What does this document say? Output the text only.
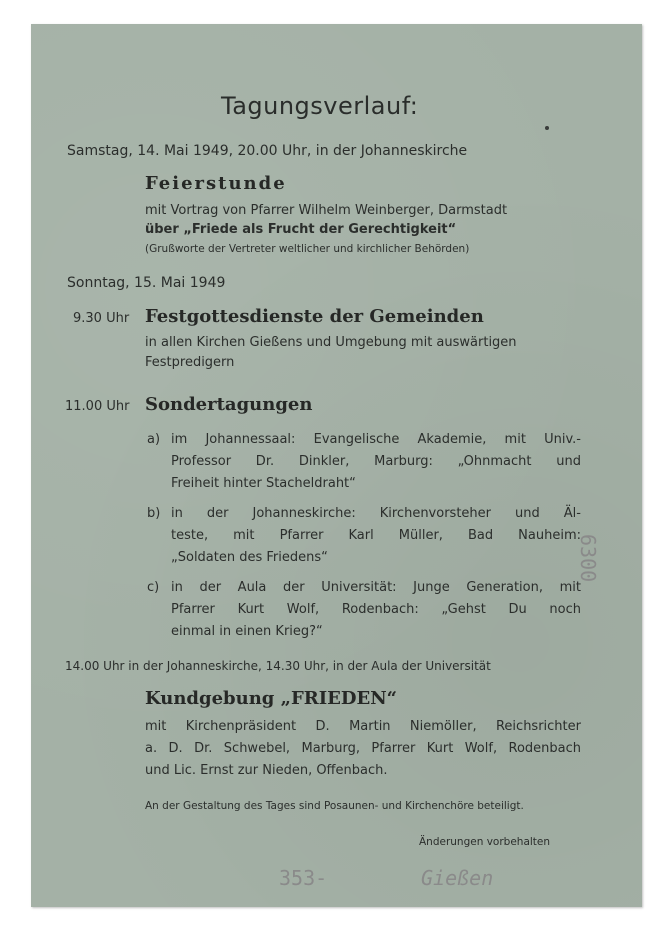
Tagungsverlauf:
Samstag, 14. Mai 1949, 20.00 Uhr, in der Johanneskirche
Feierstunde
mit Vortrag von Pfarrer Wilhelm Weinberger, Darmstadt
über „Friede als Frucht der Gerechtigkeit“
(Grußworte der Vertreter weltlicher und kirchlicher Behörden)
Sonntag, 15. Mai 1949
9.30 Uhr Festgottesdienste der Gemeinden
in allen Kirchen Gießens und Umgebung mit auswärtigen
Festpredigern
11.00 Uhr Sondertagungen
a) im Johannessaal: Evangelische Akademie, mit Univ.-
Professor Dr. Dinkler, Marburg: „Ohnmacht und
Freiheit hinter Stacheldraht“
b) in der Johanneskirche: Kirchenvorsteher und Äl-
teste, mit Pfarrer Karl Müller, Bad Nauheim:
„Soldaten des Friedens“
c) in der Aula der Universität: Junge Generation, mit
Pfarrer Kurt Wolf, Rodenbach: „Gehst Du noch
einmal in einen Krieg?“
14.00 Uhr in der Johanneskirche, 14.30 Uhr, in der Aula der Universität
Kundgebung „FRIEDEN“
mit Kirchenpräsident D. Martin Niemöller, Reichsrichter
a. D. Dr. Schwebel, Marburg, Pfarrer Kurt Wolf, Rodenbach
und Lic. Ernst zur Nieden, Offenbach.
An der Gestaltung des Tages sind Posaunen- und Kirchenchöre beteiligt.
Änderungen vorbehalten
6300
353-	Gießen
